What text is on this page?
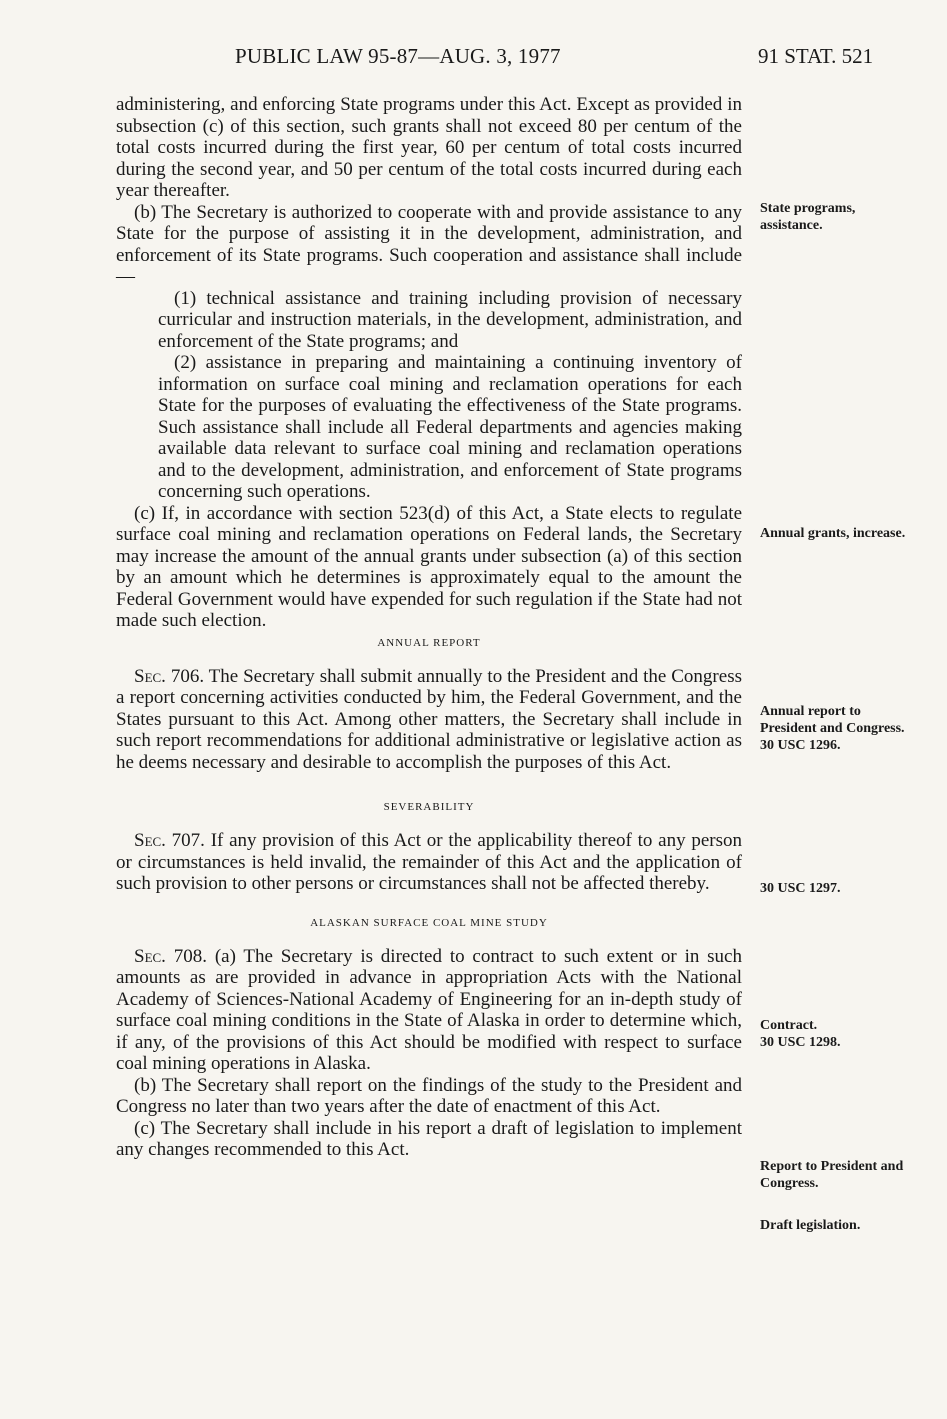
PUBLIC LAW 95-87—AUG. 3, 1977	91 STAT. 521

administering, and enforcing State programs under this Act. Except as provided in subsection (c) of this section, such grants shall not exceed 80 per centum of the total costs incurred during the first year, 60 per centum of total costs incurred during the second year, and 50 per centum of the total costs incurred during each year thereafter.

(b) The Secretary is authorized to cooperate with and provide assistance to any State for the purpose of assisting it in the development, administration, and enforcement of its State programs. Such cooperation and assistance shall include—

(1) technical assistance and training including provision of necessary curricular and instruction materials, in the development, administration, and enforcement of the State programs; and

(2) assistance in preparing and maintaining a continuing inventory of information on surface coal mining and reclamation operations for each State for the purposes of evaluating the effectiveness of the State programs. Such assistance shall include all Federal departments and agencies making available data relevant to surface coal mining and reclamation operations and to the development, administration, and enforcement of State programs concerning such operations.

(c) If, in accordance with section 523(d) of this Act, a State elects to regulate surface coal mining and reclamation operations on Federal lands, the Secretary may increase the amount of the annual grants under subsection (a) of this section by an amount which he determines is approximately equal to the amount the Federal Government would have expended for such regulation if the State had not made such election.

ANNUAL REPORT

Sec. 706. The Secretary shall submit annually to the President and the Congress a report concerning activities conducted by him, the Federal Government, and the States pursuant to this Act. Among other matters, the Secretary shall include in such report recommendations for additional administrative or legislative action as he deems necessary and desirable to accomplish the purposes of this Act.

SEVERABILITY

Sec. 707. If any provision of this Act or the applicability thereof to any person or circumstances is held invalid, the remainder of this Act and the application of such provision to other persons or circumstances shall not be affected thereby.

ALASKAN SURFACE COAL MINE STUDY

Sec. 708. (a) The Secretary is directed to contract to such extent or in such amounts as are provided in advance in appropriation Acts with the National Academy of Sciences-National Academy of Engineering for an in-depth study of surface coal mining conditions in the State of Alaska in order to determine which, if any, of the provisions of this Act should be modified with respect to surface coal mining operations in Alaska.

(b) The Secretary shall report on the findings of the study to the President and Congress no later than two years after the date of enactment of this Act.

(c) The Secretary shall include in his report a draft of legislation to implement any changes recommended to this Act.

State programs, assistance.
Annual grants, increase.
Annual report to President and Congress.
30 USC 1296.
30 USC 1297.
Contract.
30 USC 1298.
Report to President and Congress.
Draft legislation.
